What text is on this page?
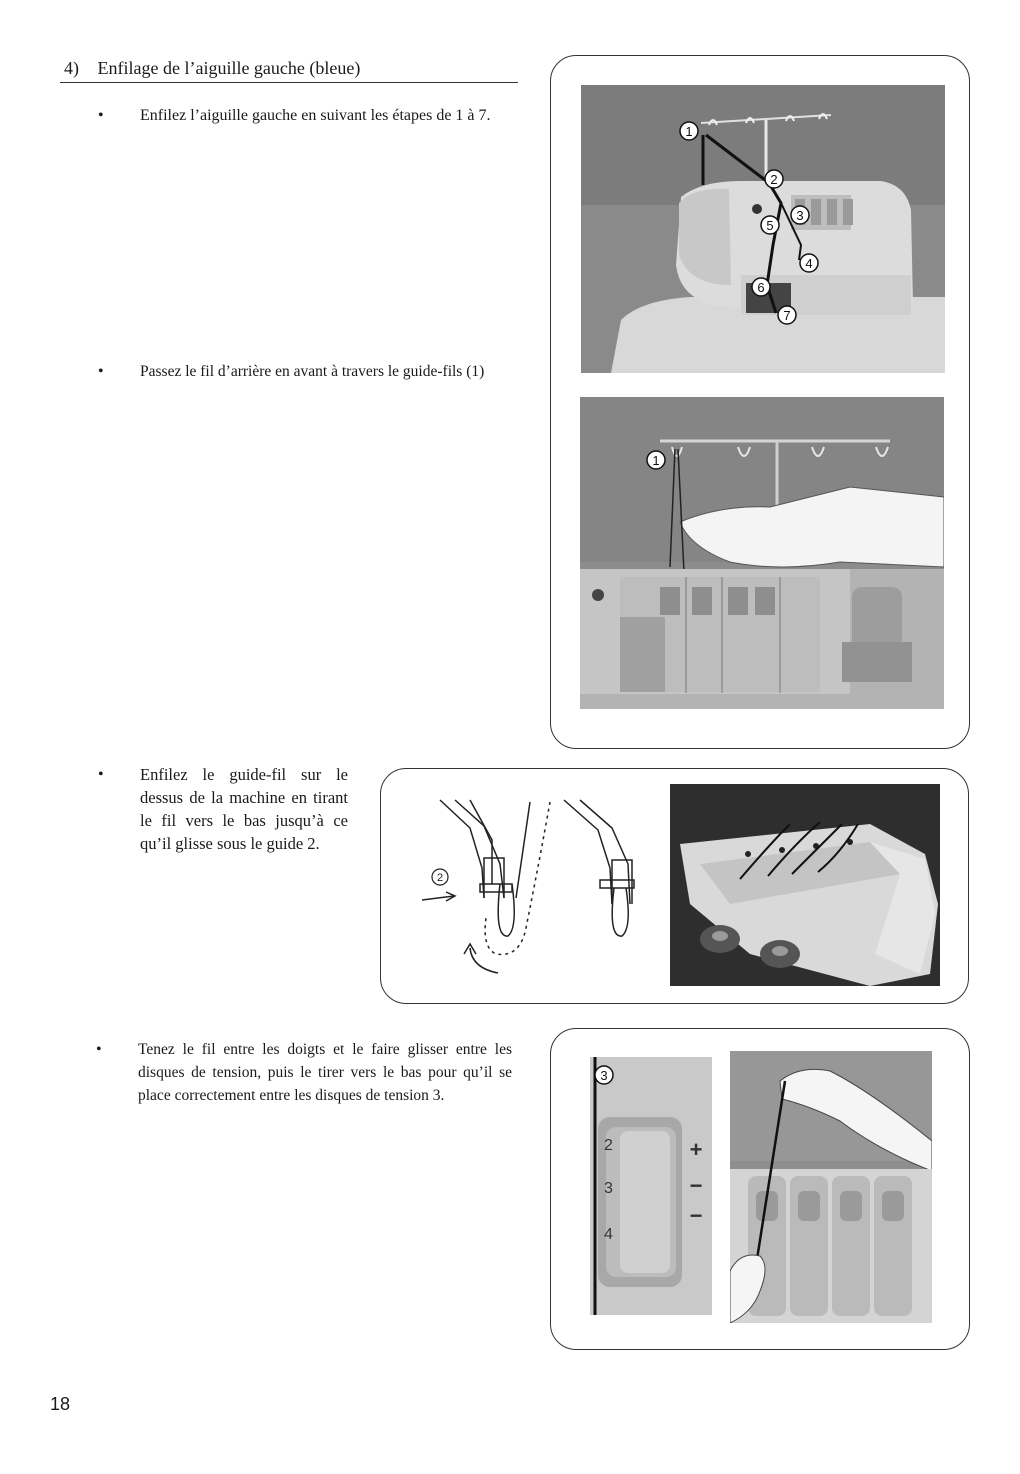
4) Enfilage de l’aiguille gauche (bleue)
• Enfilez l’aiguille gauche en suivant les étapes de 1 à 7.
• Passez le fil d’arrière en avant à travers le guide-fils (1)
• Enfilez le guide-fil sur le dessus de la machine en tirant le fil vers le bas jusqu’à ce qu’il glisse sous le guide 2.
• Tenez le fil entre les doigts et le faire glisser entre les disques de tension, puis le tirer vers le bas pour qu’il se place correctement entre les disques de tension 3.
1
2
3
4
5
6
7
1
2
2
3
4
+
−
−
3
18
